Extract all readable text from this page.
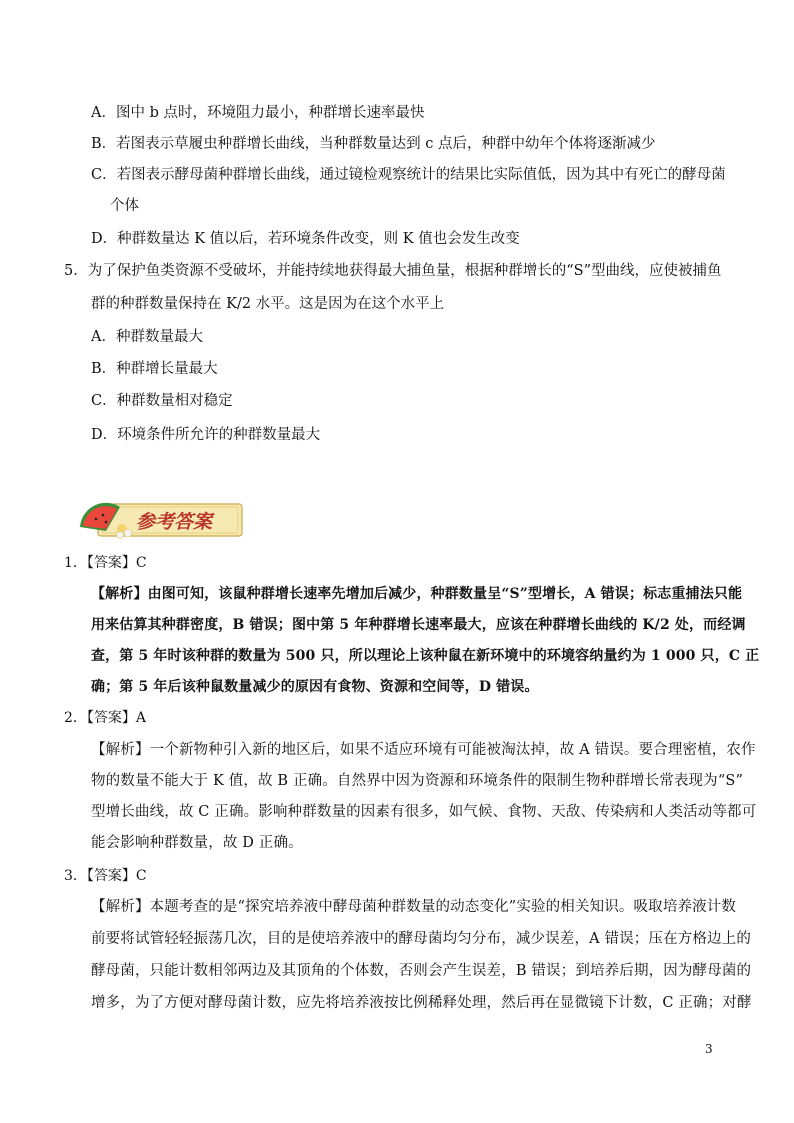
A．图中 b 点时，环境阻力最小，种群增长速率最快
B．若图表示草履虫种群增长曲线，当种群数量达到 c 点后，种群中幼年个体将逐渐减少
C．若图表示酵母菌种群增长曲线，通过镜检观察统计的结果比实际值低，因为其中有死亡的酵母菌
个体
D．种群数量达 K 值以后，若环境条件改变，则 K 值也会发生改变
5．为了保护鱼类资源不受破坏，并能持续地获得最大捕鱼量，根据种群增长的“S”型曲线，应使被捕鱼
群的种群数量保持在 K/2 水平。这是因为在这个水平上
A．种群数量最大
B．种群增长量最大
C．种群数量相对稳定
D．环境条件所允许的种群数量最大
参考答案
1．【答案】C
【解析】由图可知，该鼠种群增长速率先增加后减少，种群数量呈“S”型增长，A 错误；标志重捕法只能
用来估算其种群密度，B 错误；图中第 5 年种群增长速率最大，应该在种群增长曲线的 K/2 处，而经调
查，第 5 年时该种群的数量为 500 只，所以理论上该种鼠在新环境中的环境容纳量约为 1 000 只，C 正
确；第 5 年后该种鼠数量减少的原因有食物、资源和空间等，D 错误。
2．【答案】A
【解析】一个新物种引入新的地区后，如果不适应环境有可能被淘汰掉，故 A 错误。要合理密植，农作
物的数量不能大于 K 值，故 B 正确。自然界中因为资源和环境条件的限制生物种群增长常表现为“S”
型增长曲线，故 C 正确。影响种群数量的因素有很多，如气候、食物、天敌、传染病和人类活动等都可
能会影响种群数量，故 D 正确。
3．【答案】C
【解析】本题考查的是“探究培养液中酵母菌种群数量的动态变化”实验的相关知识。吸取培养液计数
前要将试管轻轻振荡几次，目的是使培养液中的酵母菌均匀分布，减少误差，A 错误；压在方格边上的
酵母菌，只能计数相邻两边及其顶角的个体数，否则会产生误差，B 错误；到培养后期，因为酵母菌的
增多，为了方便对酵母菌计数，应先将培养液按比例稀释处理，然后再在显微镜下计数，C 正确；对酵
3
